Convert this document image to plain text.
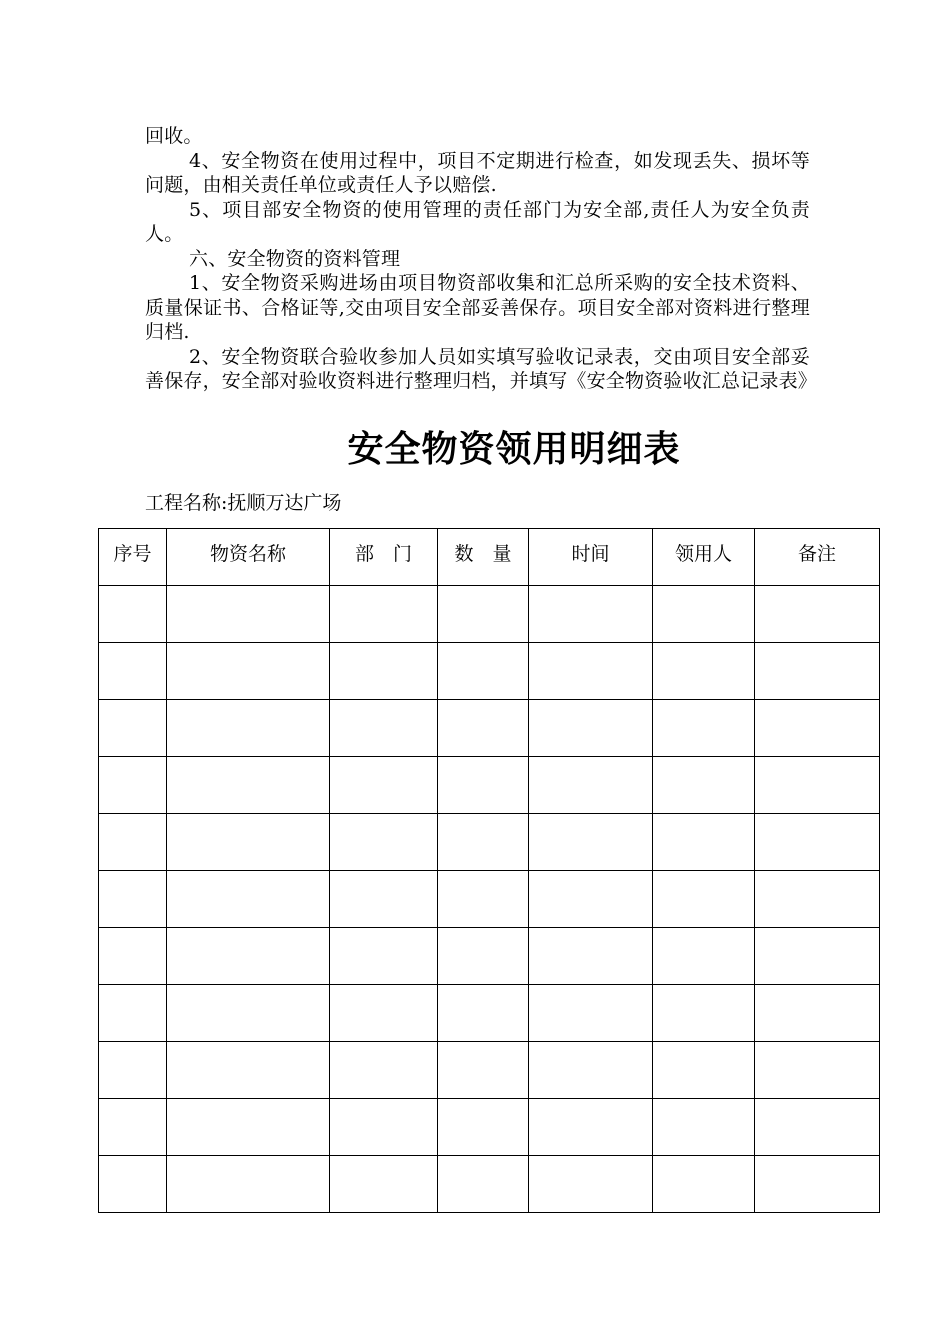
回收。

4、安全物资在使用过程中，项目不定期进行检查，如发现丢失、损坏等问题，由相关责任单位或责任人予以赔偿.

5、项目部安全物资的使用管理的责任部门为安全部,责任人为安全负责人。

六、安全物资的资料管理

1、安全物资采购进场由项目物资部收集和汇总所采购的安全技术资料、质量保证书、合格证等,交由项目安全部妥善保存。项目安全部对资料进行整理归档.

2、安全物资联合验收参加人员如实填写验收记录表，交由项目安全部妥善保存，安全部对验收资料进行整理归档，并填写《安全物资验收汇总记录表》

安全物资领用明细表
工程名称:抚顺万达广场
序号	物资名称	部　门	数　量	时间	领用人	备注
